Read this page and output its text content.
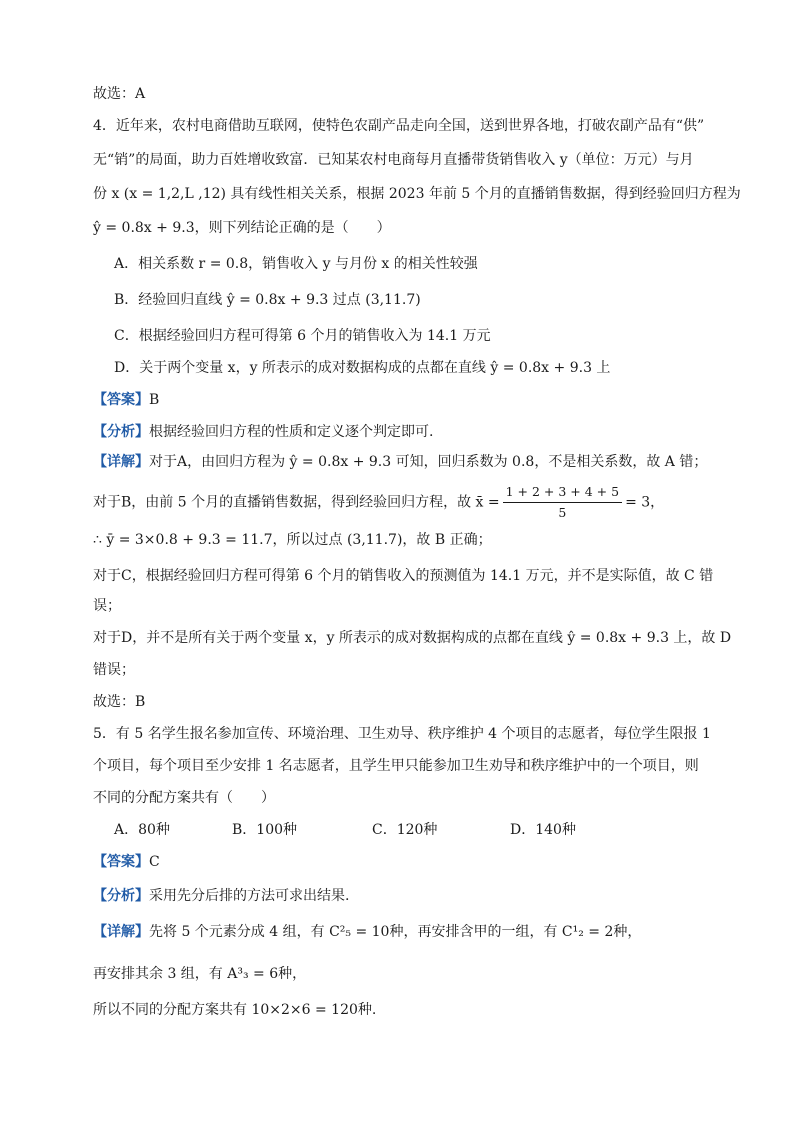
故选：A
4．近年来，农村电商借助互联网，使特色农副产品走向全国，送到世界各地，打破农副产品有“供”
无“销”的局面，助力百姓增收致富．已知某农村电商每月直播带货销售收入 y（单位：万元）与月
份 x (x = 1,2,L ,12) 具有线性相关关系，根据 2023 年前 5 个月的直播销售数据，得到经验回归方程为
ŷ = 0.8x + 9.3，则下列结论正确的是（　　）
A．相关系数 r = 0.8，销售收入 y 与月份 x 的相关性较强
B．经验回归直线 ŷ = 0.8x + 9.3 过点 (3,11.7)
C．根据经验回归方程可得第 6 个月的销售收入为 14.1 万元
D．关于两个变量 x，y 所表示的成对数据构成的点都在直线 ŷ = 0.8x + 9.3 上
【答案】B
【分析】根据经验回归方程的性质和定义逐个判定即可.
【详解】对于A，由回归方程为 ŷ = 0.8x + 9.3 可知，回归系数为 0.8，不是相关系数，故 A 错；
对于B，由前 5 个月的直播销售数据，得到经验回归方程，故 x̄ = $\frac{1 + 2 + 3 + 4 + 5}{5} = 3$，
∴ ȳ = 3×0.8 + 9.3 = 11.7，所以过点 (3,11.7)，故 B 正确；
对于C，根据经验回归方程可得第 6 个月的销售收入的预测值为 14.1 万元，并不是实际值，故 C 错
误；
对于D，并不是所有关于两个变量 x，y 所表示的成对数据构成的点都在直线 ŷ = 0.8x + 9.3 上，故 D
错误；
故选：B
5．有 5 名学生报名参加宣传、环境治理、卫生劝导、秩序维护 4 个项目的志愿者，每位学生限报 1
个项目，每个项目至少安排 1 名志愿者，且学生甲只能参加卫生劝导和秩序维护中的一个项目，则
不同的分配方案共有（　　）
A．80种	B．100种	C．120种	D．140种
【答案】C
【分析】采用先分后排的方法可求出结果.
【详解】先将 5 个元素分成 4 组，有 C²₅ = 10种，再安排含甲的一组，有 C¹₂ = 2种，
再安排其余 3 组，有 A³₃ = 6种，
所以不同的分配方案共有 10×2×6 = 120种.
